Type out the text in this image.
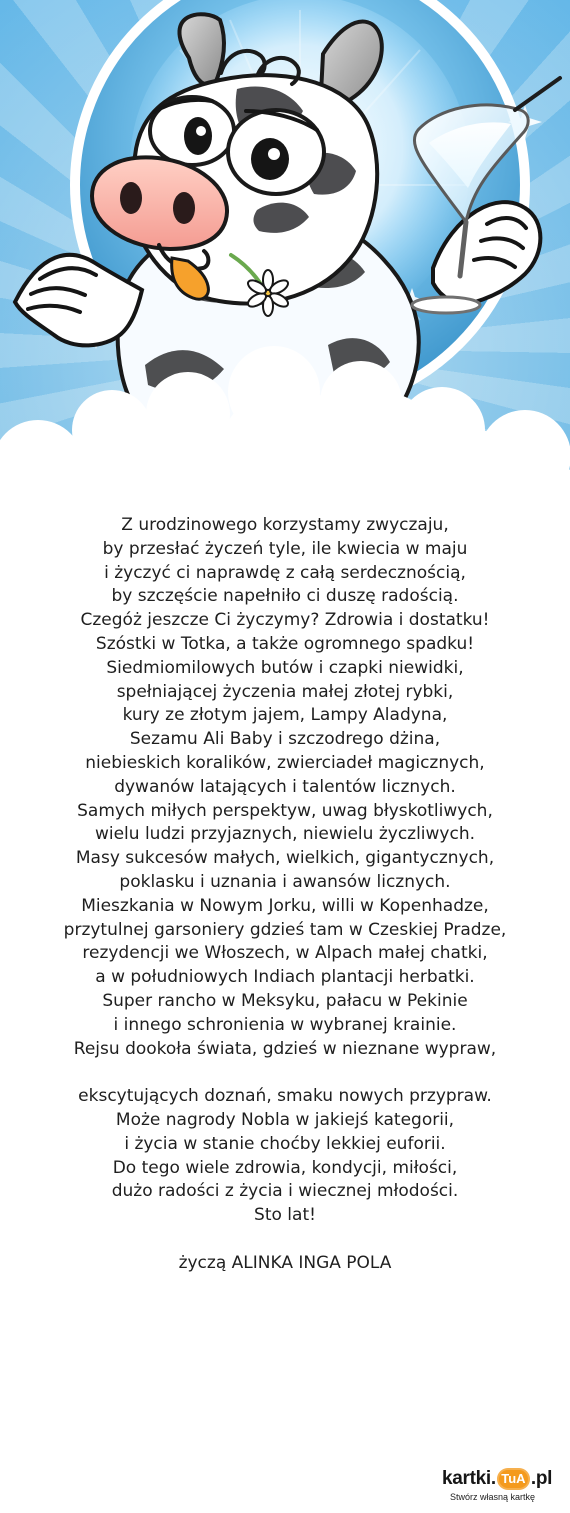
Z urodzinowego korzystamy zwyczaju,
by przesłać życzeń tyle, ile kwiecia w maju
i życzyć ci naprawdę z całą serdecznością,
by szczęście napełniło ci duszę radością.
Czegóż jeszcze Ci życzymy? Zdrowia i dostatku!
Szóstki w Totka, a także ogromnego spadku!
Siedmiomilowych butów i czapki niewidki,
spełniającej życzenia małej złotej rybki,
kury ze złotym jajem, Lampy Aladyna,
Sezamu Ali Baby i szczodrego dżina,
niebieskich koralików, zwierciadeł magicznych,
dywanów latających i talentów licznych.
Samych miłych perspektyw, uwag błyskotliwych,
wielu ludzi przyjaznych, niewielu życzliwych.
Masy sukcesów małych, wielkich, gigantycznych,
poklasku i uznania i awansów licznych.
Mieszkania w Nowym Jorku, willi w Kopenhadze,
przytulnej garsoniery gdzieś tam w Czeskiej Pradze,
rezydencji we Włoszech, w Alpach małej chatki,
a w południowych Indiach plantacji herbatki.
Super rancho w Meksyku, pałacu w Pekinie
i innego schronienia w wybranej krainie.
Rejsu dookoła świata, gdzieś w nieznane wypraw,
ekscytujących doznań, smaku nowych przypraw.
Może nagrody Nobla w jakiejś kategorii,
i życia w stanie choćby lekkiej euforii.
Do tego wiele zdrowia, kondycji, miłości,
dużo radości z życia i wiecznej młodości.
Sto lat!
życzą ALINKA INGA POLA
kartki. TuA .pl
Stwórz własną kartkę
